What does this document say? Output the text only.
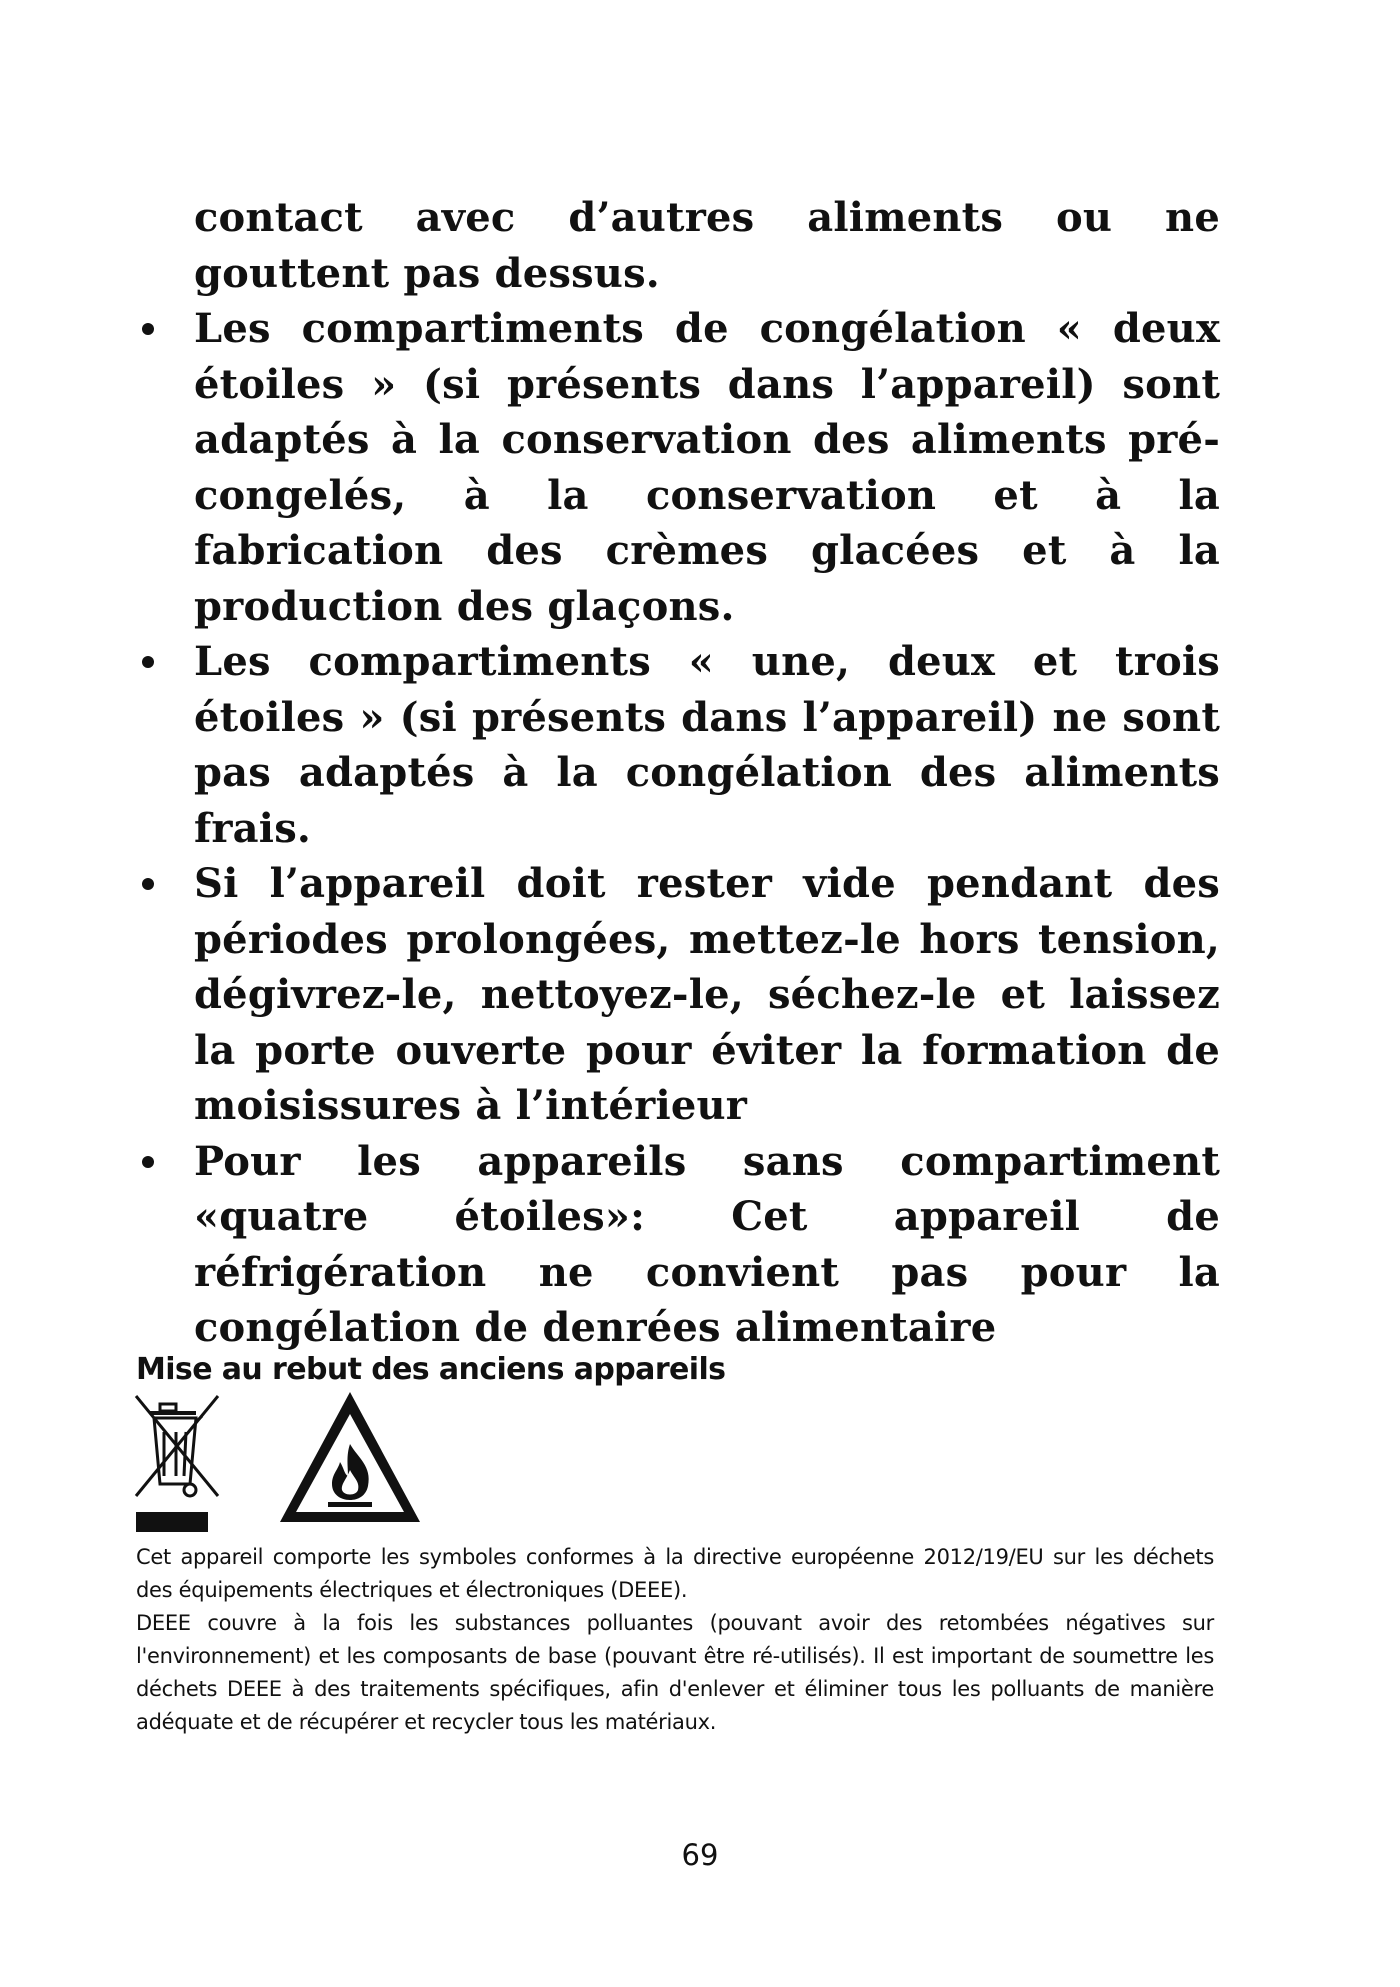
contact avec d’autres aliments ou ne gouttent pas dessus.

Les compartiments de congélation « deux étoiles » (si présents dans l’appareil) sont adaptés à la conservation des aliments pré-congelés, à la conservation et à la fabrication des crèmes glacées et à la production des glaçons.
Les compartiments « une, deux et trois étoiles » (si présents dans l’appareil) ne sont pas adaptés à la congélation des aliments frais.
Si l’appareil doit rester vide pendant des périodes prolongées, mettez-le hors tension, dégivrez-le, nettoyez-le, séchez-le et laissez la porte ouverte pour éviter la formation de moisissures à l’intérieur
Pour les appareils sans compartiment «quatre étoiles»: Cet appareil de réfrigération ne convient pas pour la congélation de denrées alimentaire
Mise au rebut des anciens appareils

Cet appareil comporte les symboles conformes à la directive européenne 2012/19/EU sur les déchets des équipements électriques et électroniques (DEEE).

DEEE couvre à la fois les substances polluantes (pouvant avoir des retombées négatives sur l'environnement) et les composants de base (pouvant être ré-utilisés). Il est important de soumettre les déchets DEEE à des traitements spécifiques, afin d'enlever et éliminer tous les polluants de manière adéquate et de récupérer et recycler tous les matériaux.

69
